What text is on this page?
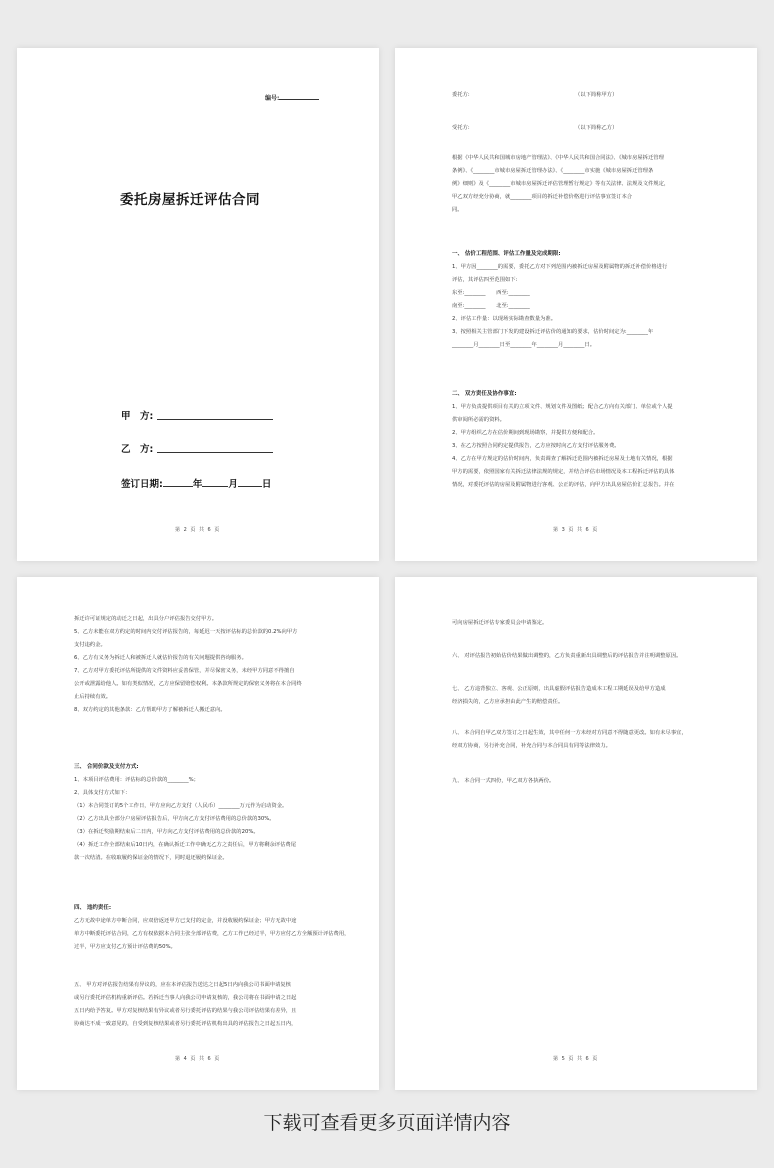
编号:
委托房屋拆迁评估合同
甲　方:
乙　方:
签订日期:	年	月	日
第 2 页 共 6 页
委托方:	（以下简称甲方）
受托方:	（以下简称乙方）

根据《中华人民共和国城市房地产管理法》、《中华人民共和国合同法》、《城市房屋拆迁管理

条例》、《________市城市房屋拆迁管理办法》、《________市实施《城市房屋拆迁管理条

例》细则》及《________市城市房屋拆迁评估管理暂行规定》等有关法律、法规及文件规定，

甲乙双方经充分协商，就________项目的拆迁补偿价格进行评估事宜签订本合

同。

一、 估价工程范围、评估工作量及完成期限:

1、甲方因________的需要，委托乙方对下列范围内被拆迁房屋及附属物的拆迁补偿价格进行

评估，其评估四至范围如下:

东至:________　　西至:________

南至:________　　北至:________

2、评估工作量：以现场实际勘查数量为准。

3、按照相关主管部门下发的建设拆迁评估价的通知的要求，估价时间定为:________年

________月________日至________年________月________日。

二、 双方责任及协作事宜:

1、甲方负责提供项目有关的立项文件、规划文件及图纸；配合乙方向有关部门、单位或个人提

供审阅所必需的资料。

2、甲方组织乙方在估价期间到现场勘察，并提供方便和配合。

3、在乙方按照合同约定提供报告，乙方应按时向乙方支付评估服务费。

4、乙方在甲方规定的估价时间内，负责调查了解拆迁范围内被拆迁房屋及土地有关情况，根据

甲方的需要，依照国家有关拆迁法律法规的规定，并结合评估市场情况及本工程拆迁评估的具体

情况，对委托评估的房屋及附属物进行客观、公正的评估，向甲方出具房屋估价汇总报告。并在

第 3 页 共 6 页

拆迁许可证规定的动迁之日起，出具分户评估报告交付甲方。

5、乙方未能在双方约定的时间内交付评估报告的，每延迟一天按评估标的总价款的0.2%向甲方

支付违约金。

6、乙方有义务为拆迁人和被拆迁人就估价报告的有关问题提供咨询服务。

7、乙方对甲方委托评估所提供的文件资料应妥善保管，并尽保密义务，未经甲方同意不得擅自

公开或泄露给他人。如有类似情况，乙方应保留赔偿权利。本条款所规定的保密义务将在本合同终

止后持续有效。

8、双方约定的其他条款：乙方帮助甲方了解被拆迁人搬迁意向。

三、 合同价款及支付方式:

1、本项目评估费用：评估标的总价款的________%；

2、具体支付方式如下：

（1）本合同签订的5个工作日，甲方应向乙方支付（人民币）________万元作为启动资金。

（2）乙方出具全部分户房屋评估报告后，甲方向乙方支付评估费用的总价款的30%。

（3）在拆迁奖励期结束后二日内，甲方向乙方支付评估费用的总价款的20%。

（4）拆迁工作全部结束后10日内，在确认拆迁工作中确无乙方之责任后，甲方将剩余评估费尾

款一次结清。在收取履约保证金的情况下，同时退还履约保证金。

四、 违约责任:

乙方无故中途单方中断合同，应双倍返还甲方已支付的定金，并没收履约保证金；甲方无故中途

单方中断委托评估合同，乙方有权依据本合同主张全部评估费，乙方工作已经过半，甲方应付乙方全额预计评估费用，

过半，甲方应支付乙方预计评估费的50%。

五、 甲方对评估报告结果有异议的，应在本评估报告送达之日起5日内向我公司书面申请复核

或另行委托评估机构重新评估。若拆迁当事人向我公司申请复核的，我公司将在书面申请之日起

五日内给予答复。甲方对复核结果有异议或者另行委托评估的结果与我公司评估结果有差异，且

协商达不成一致意见的，自受到复核结果或者另行委托评估机构出具的评估报告之日起五日内，

第 4 页 共 6 页

可向房屋拆迁评估专家委员会申请鉴定。

六、 对评估报告初始估价结果做出调整的，乙方负责重新出具调整后的评估报告并注明调整原因。

七、 乙方违背独立、客观、公正原则，出具虚假评估报告造成本工程工期延误及给甲方造成

经济损失的，乙方应承担由此产生的赔偿责任。

八、 本合同自甲乙双方签订之日起生效，其中任何一方未经对方同意不得随意更改。如有未尽事宜，

经双方协商，另行补充合同，补充合同与本合同具有同等法律效力。

九、 本合同一式四份，甲乙双方各执两份。

第 5 页 共 6 页
下载可查看更多页面详情内容
